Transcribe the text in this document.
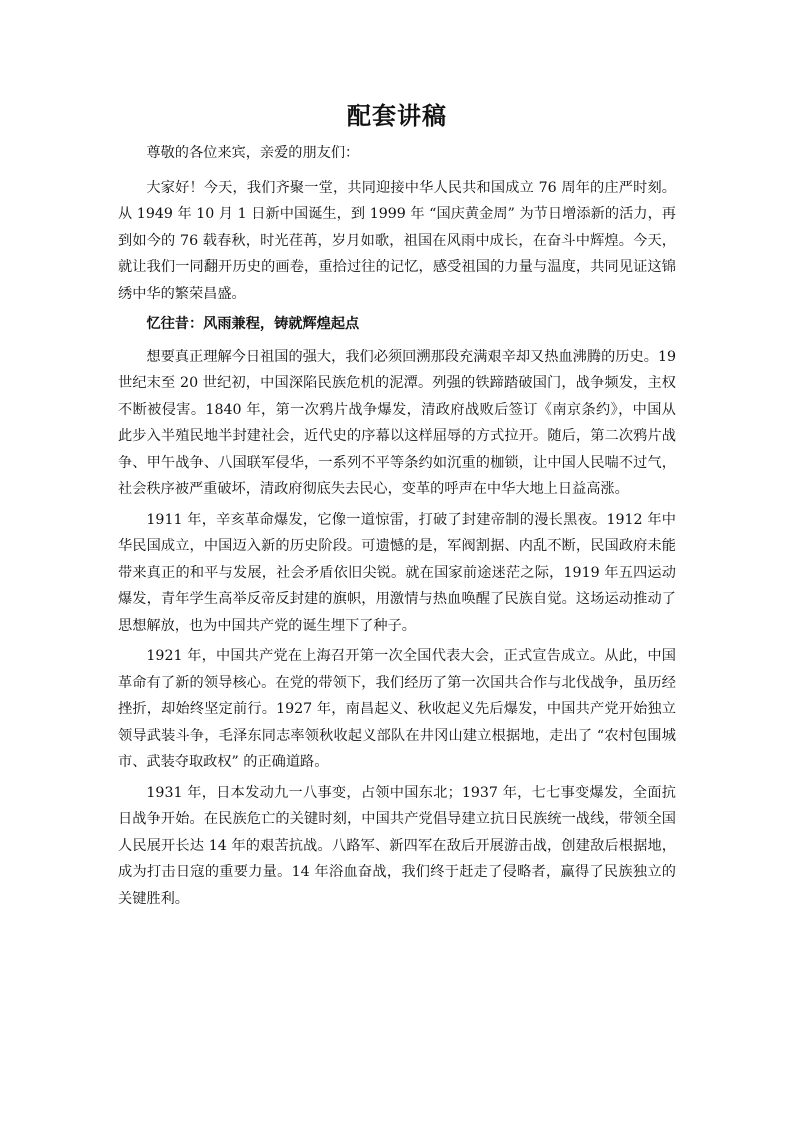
配套讲稿

尊敬的各位来宾，亲爱的朋友们：

大家好！今天，我们齐聚一堂，共同迎接中华人民共和国成立 76 周年的庄严时刻。从 1949 年 10 月 1 日新中国诞生，到 1999 年 “国庆黄金周” 为节日增添新的活力，再到如今的 76 载春秋，时光荏苒，岁月如歌，祖国在风雨中成长，在奋斗中辉煌。今天，就让我们一同翻开历史的画卷，重拾过往的记忆，感受祖国的力量与温度，共同见证这锦绣中华的繁荣昌盛。

忆往昔：风雨兼程，铸就辉煌起点

想要真正理解今日祖国的强大，我们必须回溯那段充满艰辛却又热血沸腾的历史。19 世纪末至 20 世纪初，中国深陷民族危机的泥潭。列强的铁蹄踏破国门，战争频发，主权不断被侵害。1840 年，第一次鸦片战争爆发，清政府战败后签订《南京条约》，中国从此步入半殖民地半封建社会，近代史的序幕以这样屈辱的方式拉开。随后，第二次鸦片战争、甲午战争、八国联军侵华，一系列不平等条约如沉重的枷锁，让中国人民喘不过气，社会秩序被严重破坏，清政府彻底失去民心，变革的呼声在中华大地上日益高涨。

1911 年，辛亥革命爆发，它像一道惊雷，打破了封建帝制的漫长黑夜。1912 年中华民国成立，中国迈入新的历史阶段。可遗憾的是，军阀割据、内乱不断，民国政府未能带来真正的和平与发展，社会矛盾依旧尖锐。就在国家前途迷茫之际，1919 年五四运动爆发，青年学生高举反帝反封建的旗帜，用激情与热血唤醒了民族自觉。这场运动推动了思想解放，也为中国共产党的诞生埋下了种子。

1921 年，中国共产党在上海召开第一次全国代表大会，正式宣告成立。从此，中国革命有了新的领导核心。在党的带领下，我们经历了第一次国共合作与北伐战争，虽历经挫折，却始终坚定前行。1927 年，南昌起义、秋收起义先后爆发，中国共产党开始独立领导武装斗争，毛泽东同志率领秋收起义部队在井冈山建立根据地，走出了 “农村包围城市、武装夺取政权” 的正确道路。

1931 年，日本发动九一八事变，占领中国东北；1937 年，七七事变爆发，全面抗日战争开始。在民族危亡的关键时刻，中国共产党倡导建立抗日民族统一战线，带领全国人民展开长达 14 年的艰苦抗战。八路军、新四军在敌后开展游击战，创建敌后根据地，成为打击日寇的重要力量。14 年浴血奋战，我们终于赶走了侵略者，赢得了民族独立的关键胜利。
